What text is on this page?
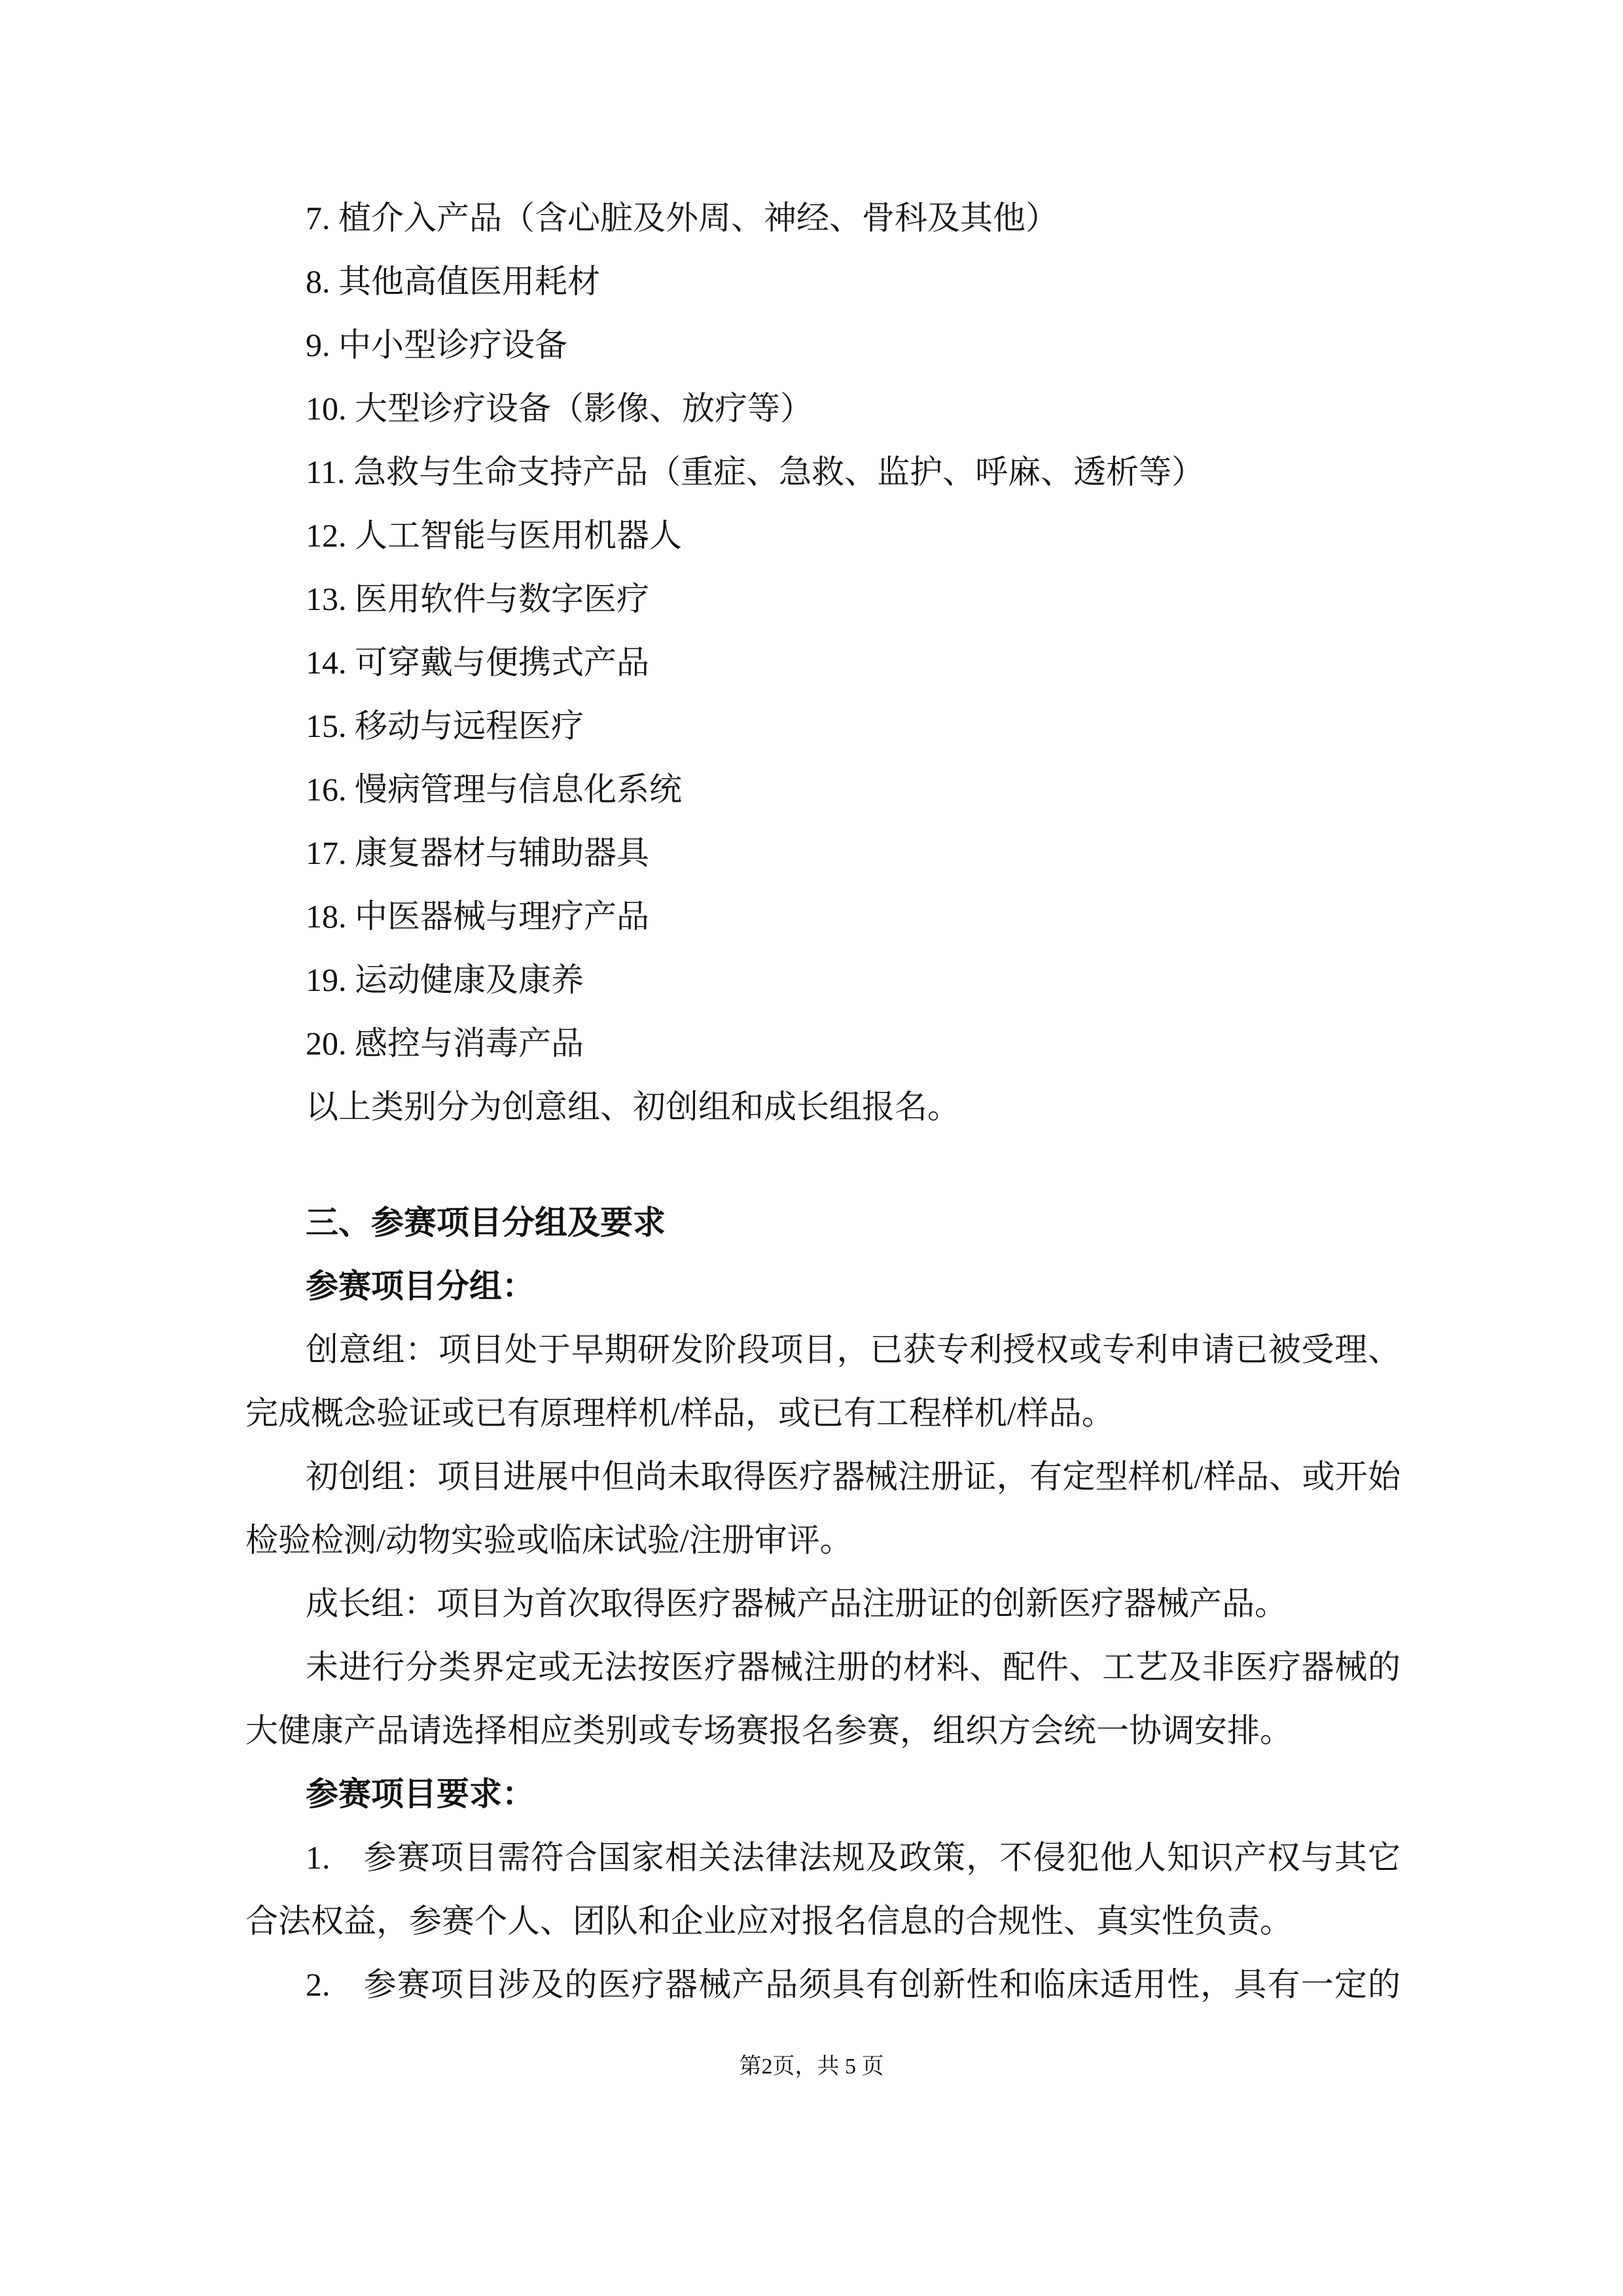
7. 植介入产品（含心脏及外周、神经、骨科及其他）
8. 其他高值医用耗材
9. 中小型诊疗设备
10. 大型诊疗设备（影像、放疗等）
11. 急救与生命支持产品（重症、急救、监护、呼麻、透析等）
12. 人工智能与医用机器人
13. 医用软件与数字医疗
14. 可穿戴与便携式产品
15. 移动与远程医疗
16. 慢病管理与信息化系统
17. 康复器材与辅助器具
18. 中医器械与理疗产品
19. 运动健康及康养
20. 感控与消毒产品
以上类别分为创意组、初创组和成长组报名。
三、参赛项目分组及要求
参赛项目分组：
创意组：项目处于早期研发阶段项目，已获专利授权或专利申请已被受理、
完成概念验证或已有原理样机/样品，或已有工程样机/样品。
初创组：项目进展中但尚未取得医疗器械注册证，有定型样机/样品、或开始
检验检测/动物实验或临床试验/注册审评。
成长组：项目为首次取得医疗器械产品注册证的创新医疗器械产品。
未进行分类界定或无法按医疗器械注册的材料、配件、工艺及非医疗器械的
大健康产品请选择相应类别或专场赛报名参赛，组织方会统一协调安排。
参赛项目要求：
1. 参赛项目需符合国家相关法律法规及政策，不侵犯他人知识产权与其它
合法权益，参赛个人、团队和企业应对报名信息的合规性、真实性负责。
2. 参赛项目涉及的医疗器械产品须具有创新性和临床适用性，具有一定的
第2页，共 5 页
